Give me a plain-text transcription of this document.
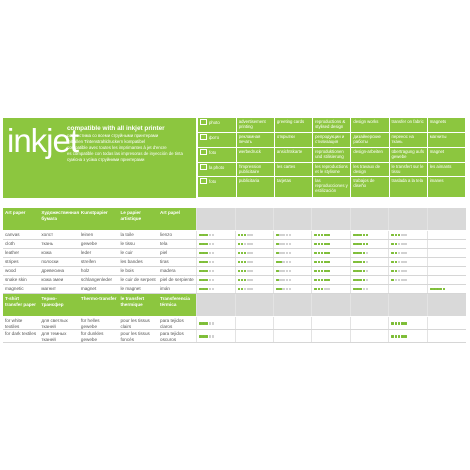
inkjet
compatible with all inkjet printer
совместима со всеми струйными принтерами
mit allen Tintenstrahldruckern kompatibel
compatible avec toutes les imprimantes à jet d'encre
es compatible con todas las impresoras de inyección de tinta
сумісна з усіма струйними принтерами
photo	advertisement printing	greeting cards	reproductions & stylised design	design works	transfer on fabric	magnets
фото	рекламная печать	открытки	репродукции и стилизация	дизайнерские работы	перенос на ткань	магниты
foto	werbedruck	ansichtskarte	reproduktionen und stilisierung	design-arbeiten	übertragung aufs gewebe	magnet
la photo	l'impression publicitaire	les cartes	les reproductions et le stylisme	les travaux de design	le transfert sur le tissu	les aimants
foto	publicitaria	tarjetas	las reproducciones y estilización	trabajos de diseño	traslada a la tela	imanes
Art paper	Художественная бумага	Kunstpapier	Le papier artistique	Art papel							
canvas	холст	leinen	la toile	lienzo							
cloth	ткань	gewebe	le tissu	tela							
leather	кожа	leder	le cuir	piel							
stripes	полоски	streifen	les bandes	tiras							
wood	древесина	holz	le bois	madera							
snake skin	кожа змеи	schlangenleder	le cuir de serpent	piel de serpiente							
magnetic	магнит	magnet	le magnet	imán							
T-shirt transfer paper	Термо-трансфер	Thermo-transfer	le transfert thermique	Transferencia térmica							
for white textiles	для светлых тканей	für helles gewebe	pour les tissus clairs	para tejidos claros							
for dark textiles	для темных тканей	für dunkles gewebe	pour les tissus foncés	para tejidos oscuros							
